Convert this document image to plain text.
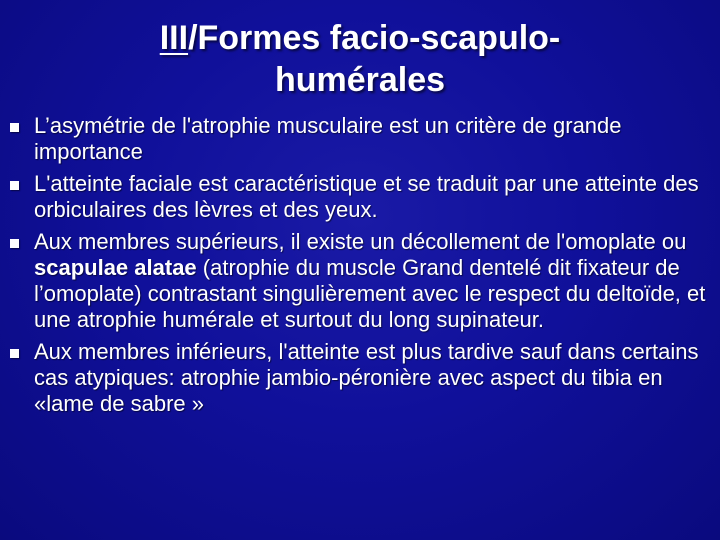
III/Formes facio-scapulo-
humérales
L’asymétrie de l'atrophie musculaire est un critère de grande importance
L'atteinte faciale est caractéristique et se traduit par une atteinte des orbiculaires des lèvres et des yeux.
Aux membres supérieurs, il existe un décollement de l'omoplate ou scapulae alatae (atrophie du muscle Grand dentelé dit fixateur de l’omoplate) contrastant singulièrement avec le respect du deltoïde, et une atrophie humérale et surtout du long supinateur.
Aux membres inférieurs, l'atteinte est plus tardive sauf dans certains cas atypiques: atrophie jambio-péronière avec aspect du tibia en «lame de sabre »
